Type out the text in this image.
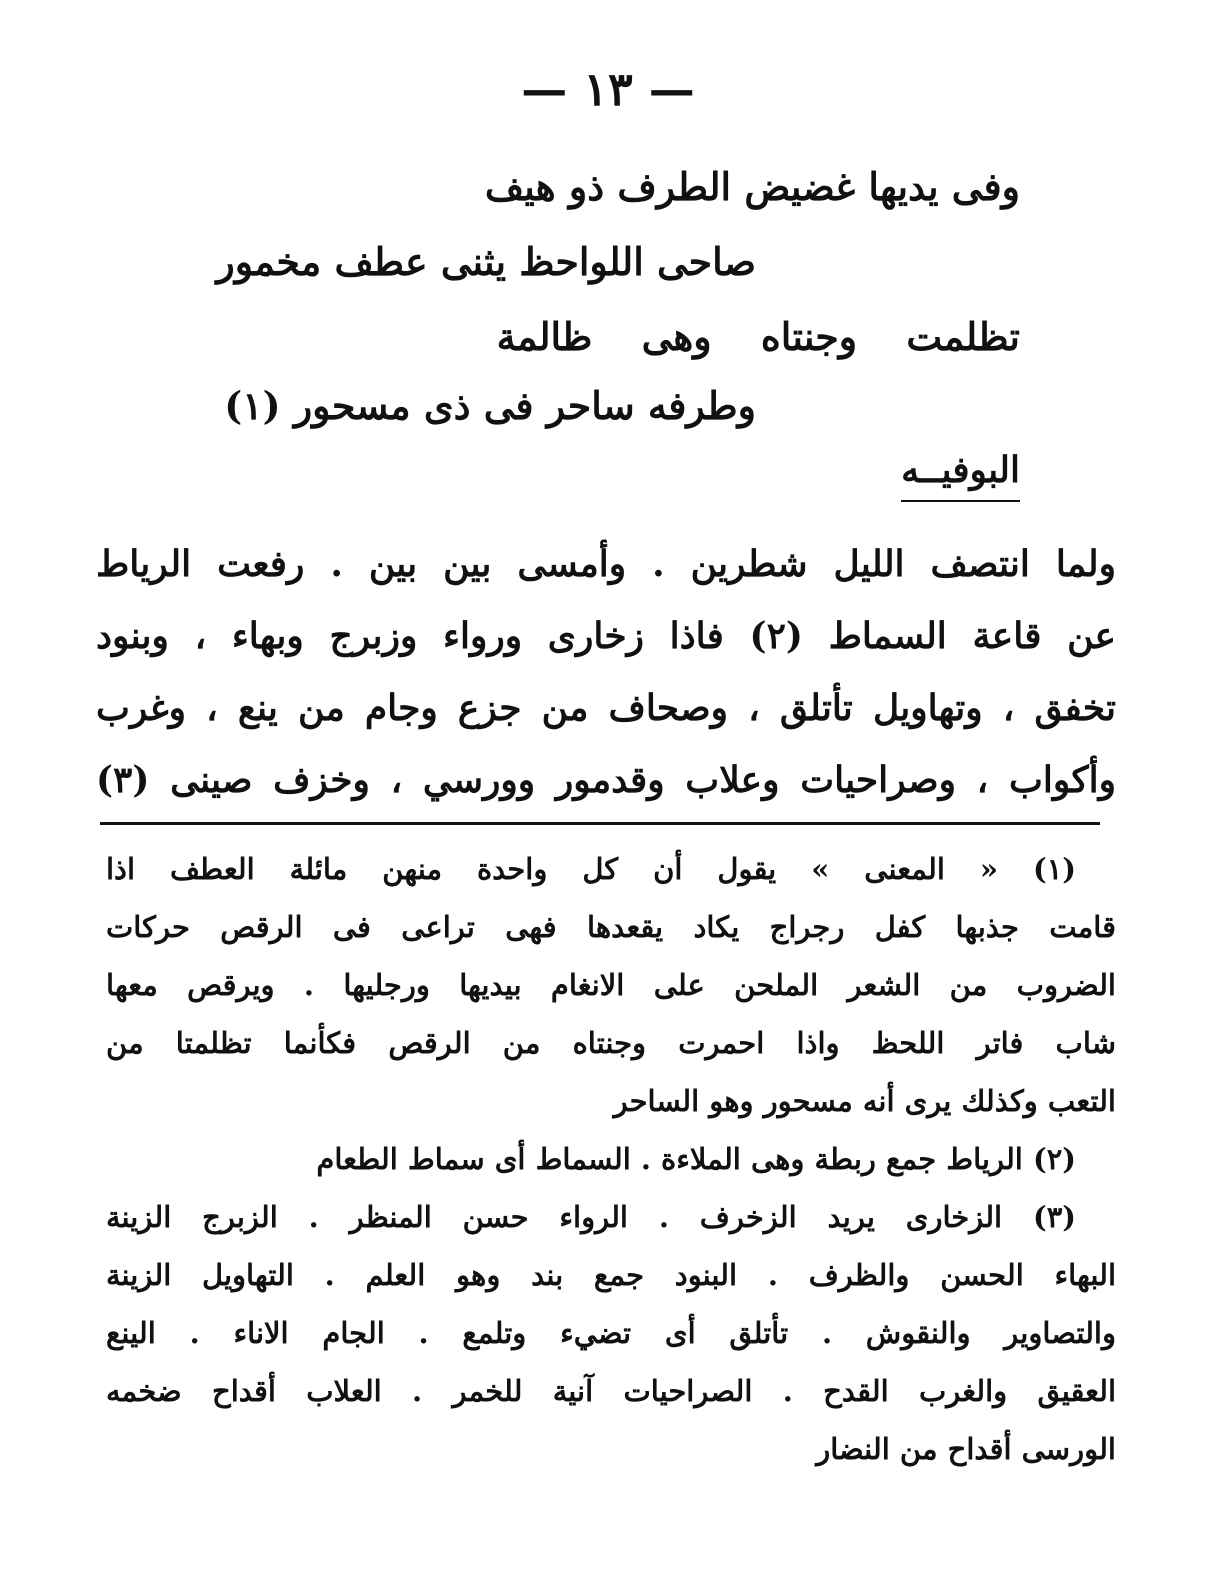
— ١٣ —
وفى يديها غضيض الطرف ذو هيف
صاحى اللواحظ يثنى عطف مخمور
تظلمت وجنتاه وهى ظالمة
وطرفه ساحر فى ذى مسحور (١)
البوفيــه
ولما انتصف الليل شطرين . وأمسى بين بين . رفعت الرياط
عن قاعة السماط (٢) فاذا زخارى ورواء وزبرج وبهاء ، وبنود
تخفق ، وتهاويل تأتلق ، وصحاف من جزع وجام من ينع ، وغرب
وأكواب ، وصراحيات وعلاب وقدمور وورسي ، وخزف صينى (٣)
(١) « المعنى » يقول أن كل واحدة منهن مائلة العطف اذا
قامت جذبها كفل رجراج يكاد يقعدها فهى تراعى فى الرقص حركات
الضروب من الشعر الملحن على الانغام بيديها ورجليها . ويرقص معها
شاب فاتر اللحظ واذا احمرت وجنتاه من الرقص فكأنما تظلمتا من
التعب وكذلك يرى أنه مسحور وهو الساحر
(٢) الرياط جمع ربطة وهى الملاءة . السماط أى سماط الطعام
(٣) الزخارى يريد الزخرف . الرواء حسن المنظر . الزبرج الزينة
البهاء الحسن والظرف . البنود جمع بند وهو العلم . التهاويل الزينة
والتصاوير والنقوش . تأتلق أى تضيء وتلمع . الجام الاناء . الينع
العقيق والغرب القدح . الصراحيات آنية للخمر . العلاب أقداح ضخمه
الورسى أقداح من النضار
